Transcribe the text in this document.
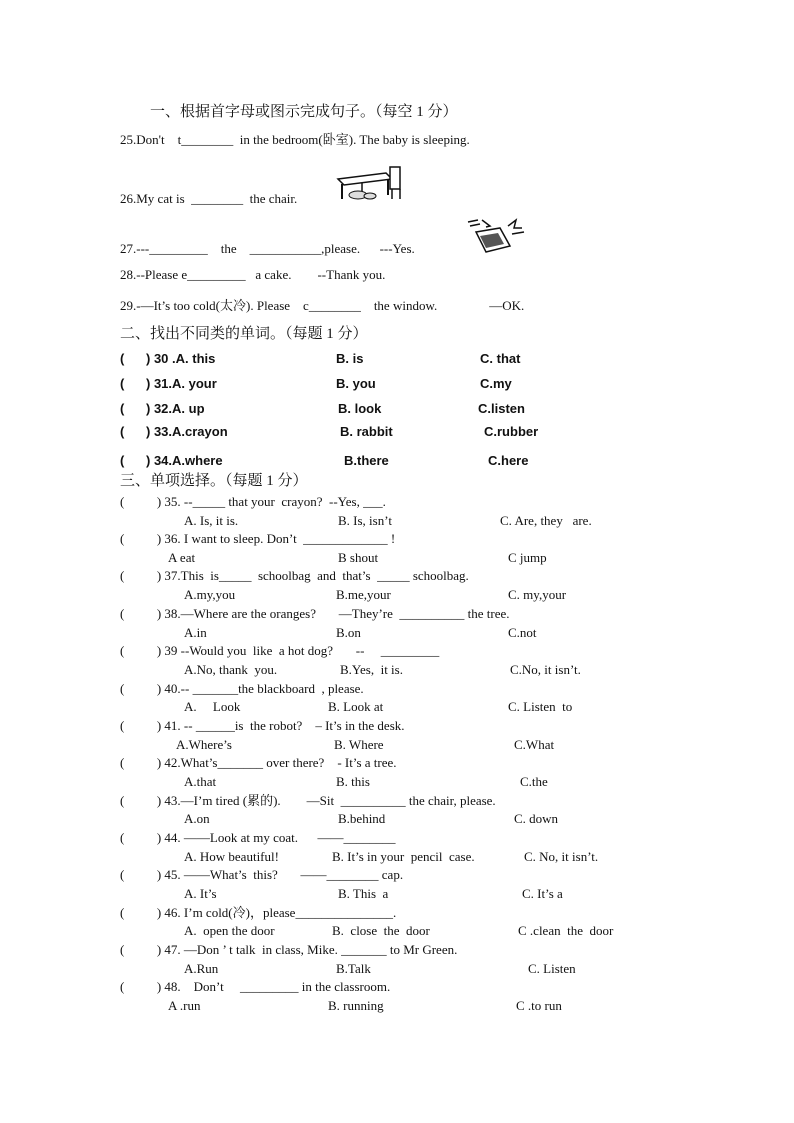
一、根据首字母或图示完成句子。（每空 1 分）
25.Don't    t________  in the bedroom(卧室). The baby is sleeping.
26.My cat is  ________  the chair.
27.---_________    the    ___________,please.      ---Yes.
28.--Please e_________   a cake.        --Thank you.
29.-—It’s too cold(太冷). Please    c________    the window.                —OK.
二、找出不同类的单词。（每题 1 分）
(      ) 30 .A. this	B. is	C. that
(      ) 31.A. your	B. you	C.my
(      ) 32.A. up	B. look	C.listen
(      ) 33.A.crayon	B. rabbit	C.rubber
(      ) 34.A.where	B.there	C.here
三、单项选择。（每题 1 分）
(          ) 35. --_____ that your  crayon?  --Yes, ___.
A. Is, it is.	B. Is, isn’t	C. Are, they   are.
(          ) 36. I want to sleep. Don’t  _____________ !
A eat	B shout	C jump
(          ) 37.This  is_____  schoolbag  and  that’s  _____ schoolbag.
A.my,you	B.me,your	C. my,your
(          ) 38.—Where are the oranges?       —They’re  __________ the tree.
A.in	B.on	C.not
(          ) 39 --Would you  like  a hot dog?       --     _________
A.No, thank  you.	B.Yes,  it is.	C.No, it isn’t.
(          ) 40.-- _______the blackboard  , please.
A.     Look	B. Look at	C. Listen  to
(          ) 41. -- ______is  the robot?    – It’s in the desk.
A.Where’s	B. Where	C.What
(          ) 42.What’s_______ over there?    - It’s a tree.
A.that	B. this	C.the
(          ) 43.—I’m tired (累的).        —Sit  __________ the chair, please.
A.on	B.behind	C. down
(          ) 44. ——Look at my coat.      ——________
A. How beautiful!	B. It’s in your  pencil  case.	C. No, it isn’t.
(          ) 45. ——What’s  this?       ——________ cap.
A. It’s	B. This  a	C. It’s a
(          ) 46. I’m cold(冷)，please_______________.
A.  open the door	B.  close  the  door	C .clean  the  door
(          ) 47. —Don ’ t talk  in class, Mike. _______ to Mr Green.
A.Run	B.Talk	C. Listen
(          ) 48.    Don’t     _________ in the classroom.
A .run	B. running	C .to run
